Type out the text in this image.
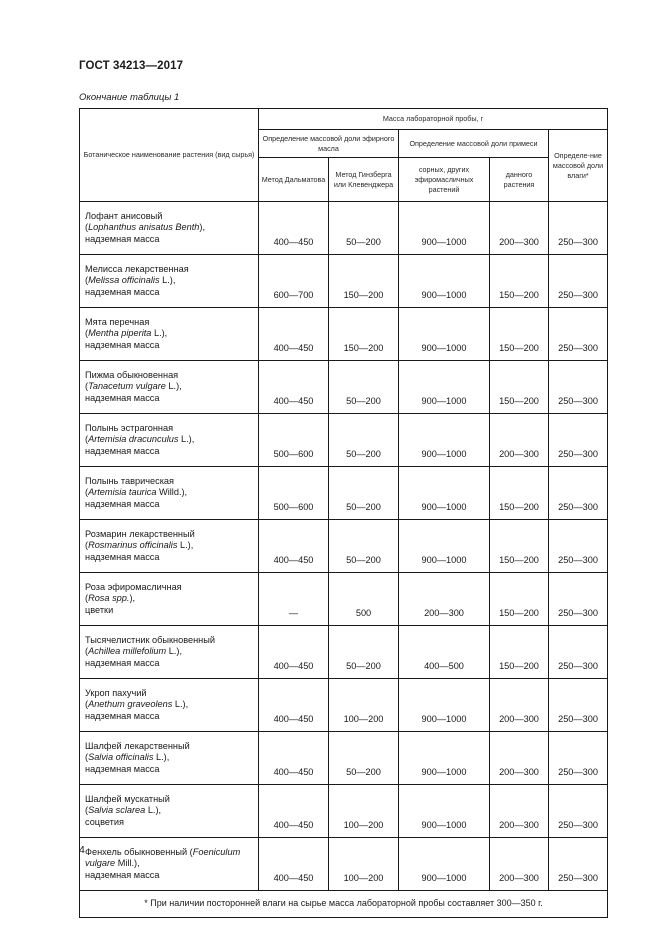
ГОСТ 34213—2017
Окончание таблицы 1
Ботаническое наименование растения (вид сырья)	Масса лабораторной пробы, г				
	Определение массовой доли эфирного масла		Определение массовой доли примеси		Определе-ние массовой доли влаги*
	Метод Дальматова	Метод Гинзберга или Клевенджера	сорных, других эфиромасличных растений	данного растения	
Лофант анисовый
(Lophanthus anisatus Benth),
надземная масса	400—450	50—200	900—1000	200—300	250—300
Мелисса лекарственная
(Melissa officinalis L.),
надземная масса	600—700	150—200	900—1000	150—200	250—300
Мята перечная
(Mentha piperita L.),
надземная масса	400—450	150—200	900—1000	150—200	250—300
Пижма обыкновенная
(Tanacetum vulgare L.),
надземная масса	400—450	50—200	900—1000	150—200	250—300
Полынь эстрагонная
(Artemisia dracunculus L.),
надземная масса	500—600	50—200	900—1000	200—300	250—300
Полынь таврическая
(Artemisia taurica Willd.),
надземная масса	500—600	50—200	900—1000	150—200	250—300
Розмарин лекарственный
(Rosmarinus officinalis L.),
надземная масса	400—450	50—200	900—1000	150—200	250—300
Роза эфиромасличная
(Rosa spp.),
цветки	—	500	200—300	150—200	250—300
Тысячелистник обыкновенный
(Achillea millefolium L.),
надземная масса	400—450	50—200	400—500	150—200	250—300
Укроп пахучий
(Anethum graveolens L.),
надземная масса	400—450	100—200	900—1000	200—300	250—300
Шалфей лекарственный
(Salvia officinalis L.),
надземная масса	400—450	50—200	900—1000	200—300	250—300
Шалфей мускатный
(Salvia sclarea L.),
соцветия	400—450	100—200	900—1000	200—300	250—300
Фенхель обыкновенный (Foeniculum
vulgare Mill.),
надземная масса	400—450	100—200	900—1000	200—300	250—300
* При наличии посторонней влаги на сырье масса лабораторной пробы составляет 300—350 г.					
4
